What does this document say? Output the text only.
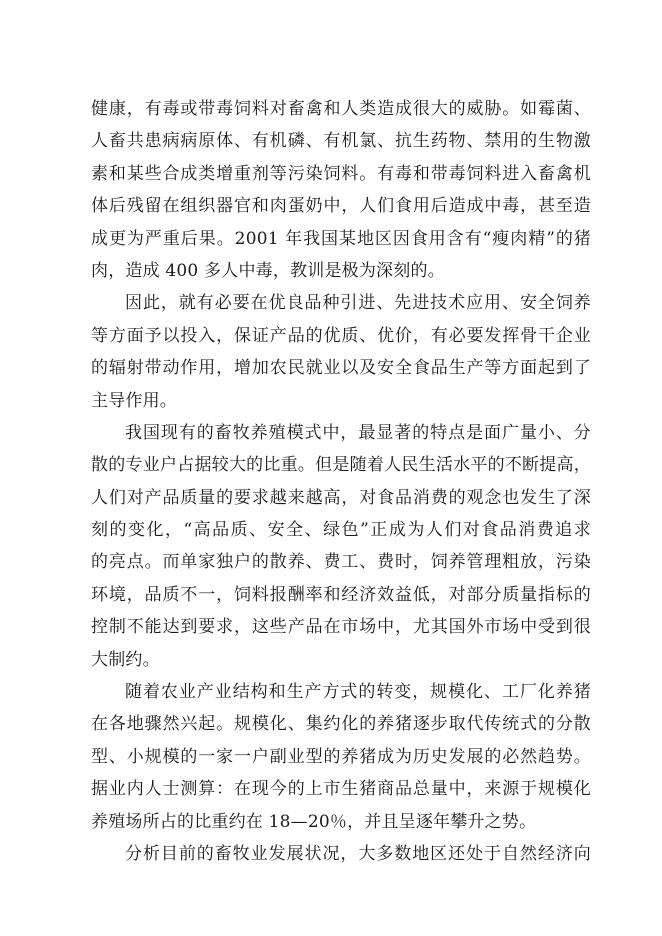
健康，有毒或带毒饲料对畜禽和人类造成很大的威胁。如霉菌、
人畜共患病病原体、有机磷、有机氯、抗生药物、禁用的生物激
素和某些合成类增重剂等污染饲料。有毒和带毒饲料进入畜禽机
体后残留在组织器官和肉蛋奶中，人们食用后造成中毒，甚至造
成更为严重后果。2001 年我国某地区因食用含有“瘦肉精”的猪
肉，造成 400 多人中毒，教训是极为深刻的。
因此，就有必要在优良品种引进、先进技术应用、安全饲养
等方面予以投入，保证产品的优质、优价，有必要发挥骨干企业
的辐射带动作用，增加农民就业以及安全食品生产等方面起到了
主导作用。
我国现有的畜牧养殖模式中，最显著的特点是面广量小、分
散的专业户占据较大的比重。但是随着人民生活水平的不断提高，
人们对产品质量的要求越来越高，对食品消费的观念也发生了深
刻的变化，“高品质、安全、绿色”正成为人们对食品消费追求
的亮点。而单家独户的散养、费工、费时，饲养管理粗放，污染
环境，品质不一，饲料报酬率和经济效益低，对部分质量指标的
控制不能达到要求，这些产品在市场中，尤其国外市场中受到很
大制约。
随着农业产业结构和生产方式的转变，规模化、工厂化养猪
在各地骤然兴起。规模化、集约化的养猪逐步取代传统式的分散
型、小规模的一家一户副业型的养猪成为历史发展的必然趋势。
据业内人士测算：在现今的上市生猪商品总量中，来源于规模化
养殖场所占的比重约在 18—20％，并且呈逐年攀升之势。
分析目前的畜牧业发展状况，大多数地区还处于自然经济向
